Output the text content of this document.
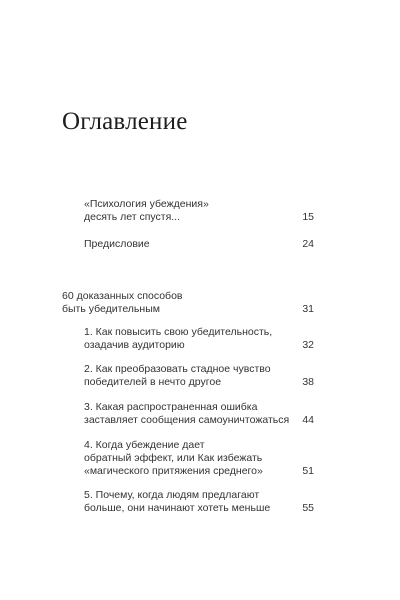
Оглавление
«Психология убеждения»
десять лет спустя...	15
Предисловие	24
60 доказанных способов
быть убедительным	31
1. Как повысить свою убедительность,
озадачив аудиторию	32
2. Как преобразовать стадное чувство
победителей в нечто другое	38
3. Какая распространенная ошибка
заставляет сообщения самоуничтожаться 44
4. Когда убеждение дает
обратный эффект, или Как избежать
«магического притяжения среднего»	51
5. Почему, когда людям предлагают
больше, они начинают хотеть меньше	55
